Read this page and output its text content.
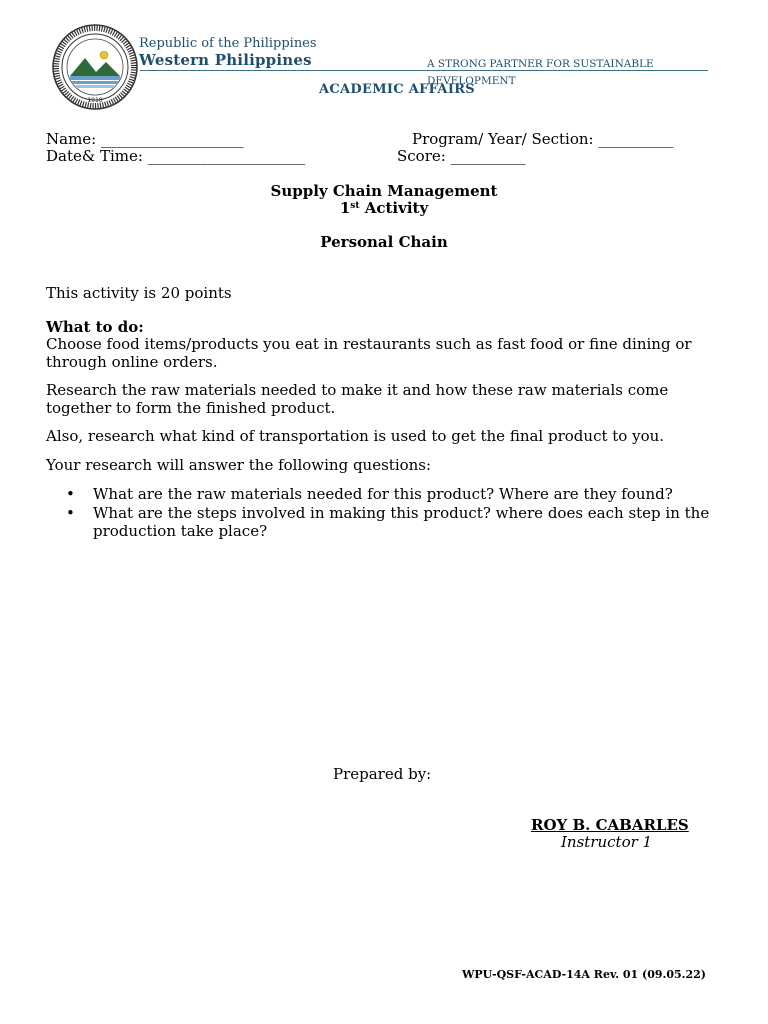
1910
Republic of the Philippines
Western Philippines	A STRONG PARTNER FOR SUSTAINABLE DEVELOPMENT
ACADEMIC AFFAIRS
Name: ___________________	Program/ Year/ Section: __________
Date& Time: _____________________	Score: __________
Supply Chain Management
1st Activity
Personal Chain
This activity is 20 points
What to do:
Choose food items/products you eat in restaurants such as fast food or fine dining or through online orders.
Research the raw materials needed to make it and how these raw materials come together to form the finished product.
Also, research what kind of transportation is used to get the final product to you.
Your research will answer the following questions:
• What are the raw materials needed for this product? Where are they found?
• What are the steps involved in making this product? where does each step in the production take place?
Prepared by:
ROY B. CABARLES
Instructor 1
WPU-QSF-ACAD-14A Rev. 01 (09.05.22)
